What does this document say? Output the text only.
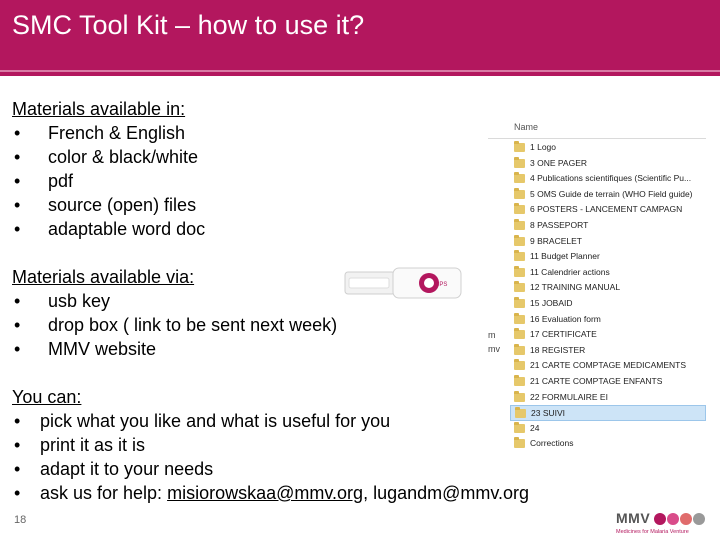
SMC Tool Kit – how to use it?
Materials available in:
• French & English
• color & black/white
• pdf
• source (open) files
• adaptable word doc
Materials available via:
• usb key
• drop box ( link to be sent next week)
• MMV website
CPS
You can:
• pick what you like and what is useful for you
• print it as it is
• adapt it to your needs
• ask us for help: misiorowskaa@mmv.org, lugandm@mmv.org
Name
m
mv
1 Logo
3 ONE PAGER
4 Publications scientifiques (Scientific Pu...
5 OMS Guide de terrain (WHO Field guide)
6 POSTERS - LANCEMENT CAMPAGN
8 PASSEPORT
9 BRACELET
11 Budget Planner
11 Calendrier actions
12 TRAINING MANUAL
15 JOBAID
16 Evaluation form
17 CERTIFICATE
18 REGISTER
21 CARTE COMPTAGE MEDICAMENTS
21 CARTE COMPTAGE ENFANTS
22 FORMULAIRE EI
23 SUIVI
24
Corrections
18	MMV
Medicines for Malaria Venture
